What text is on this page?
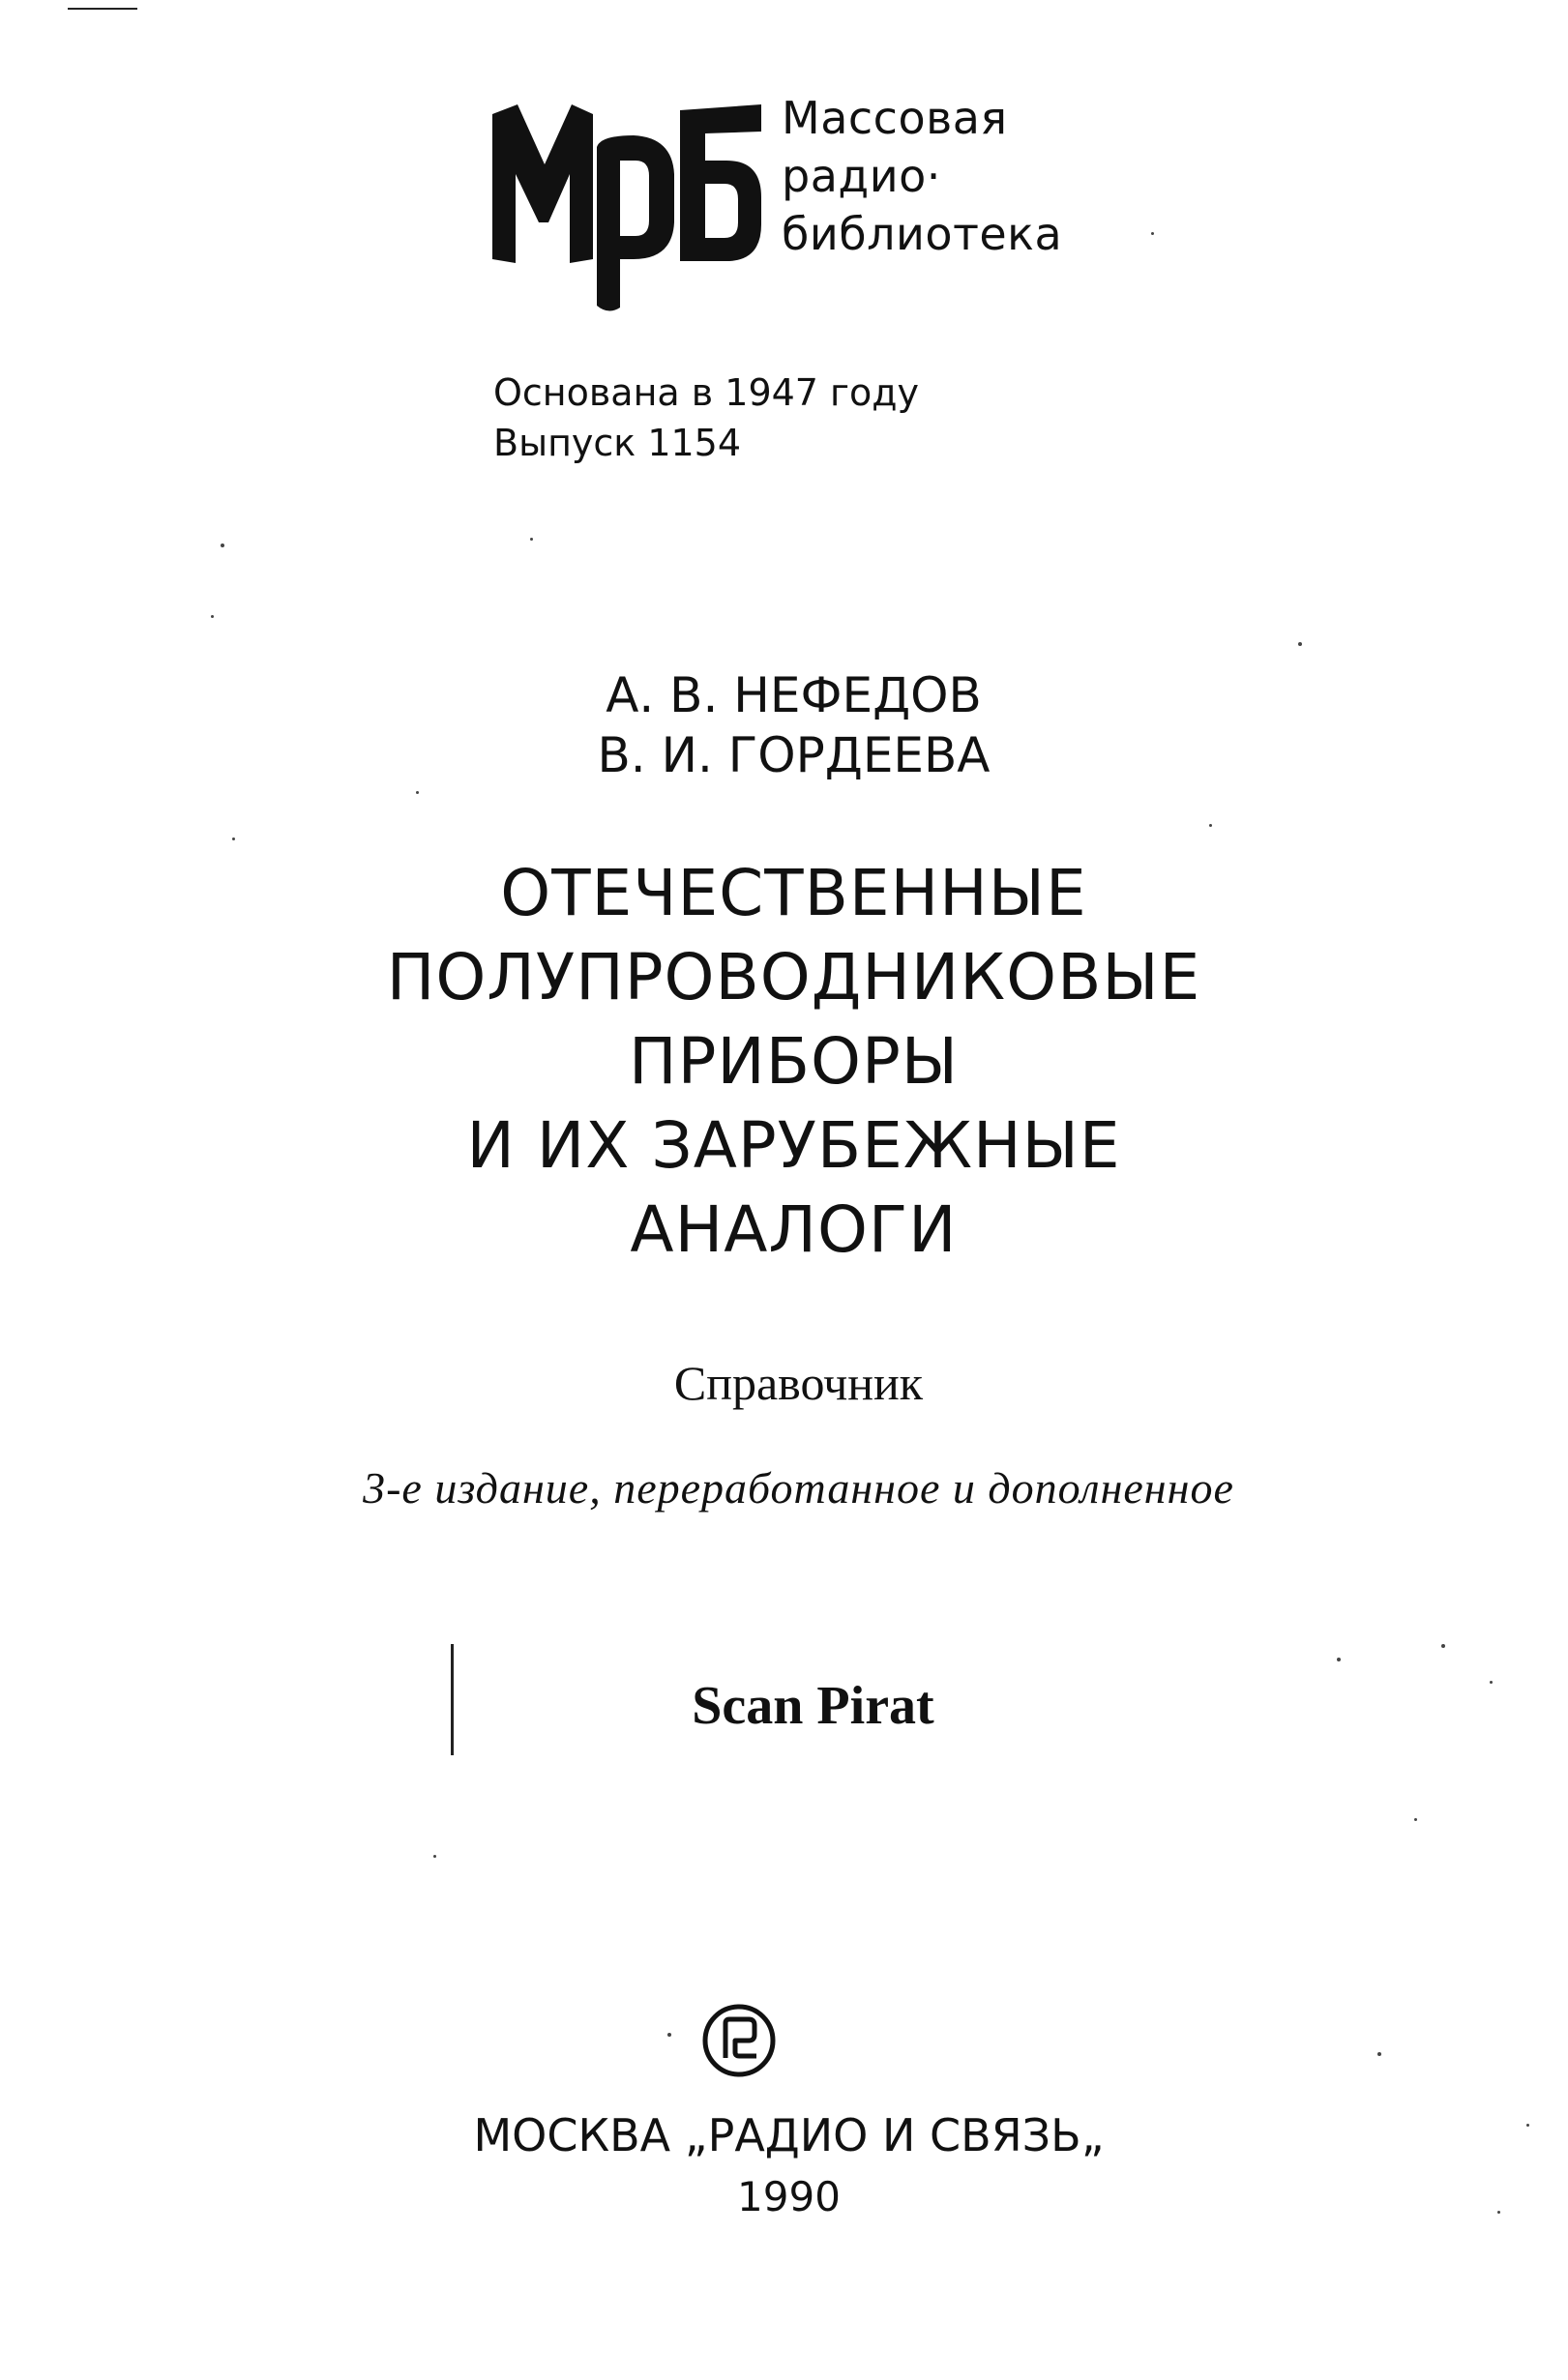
Массовая
радио·
библиотека
Основана в 1947 году
Выпуск 1154
А. В. НЕФЕДОВ
В. И. ГОРДЕЕВА
ОТЕЧЕСТВЕННЫЕ
ПОЛУПРОВОДНИКОВЫЕ
ПРИБОРЫ
И ИХ ЗАРУБЕЖНЫЕ
АНАЛОГИ
Справочник
3-е издание, переработанное и дополненное
Scan Pirat
МОСКВА „РАДИО И СВЯЗЬ„
1990
